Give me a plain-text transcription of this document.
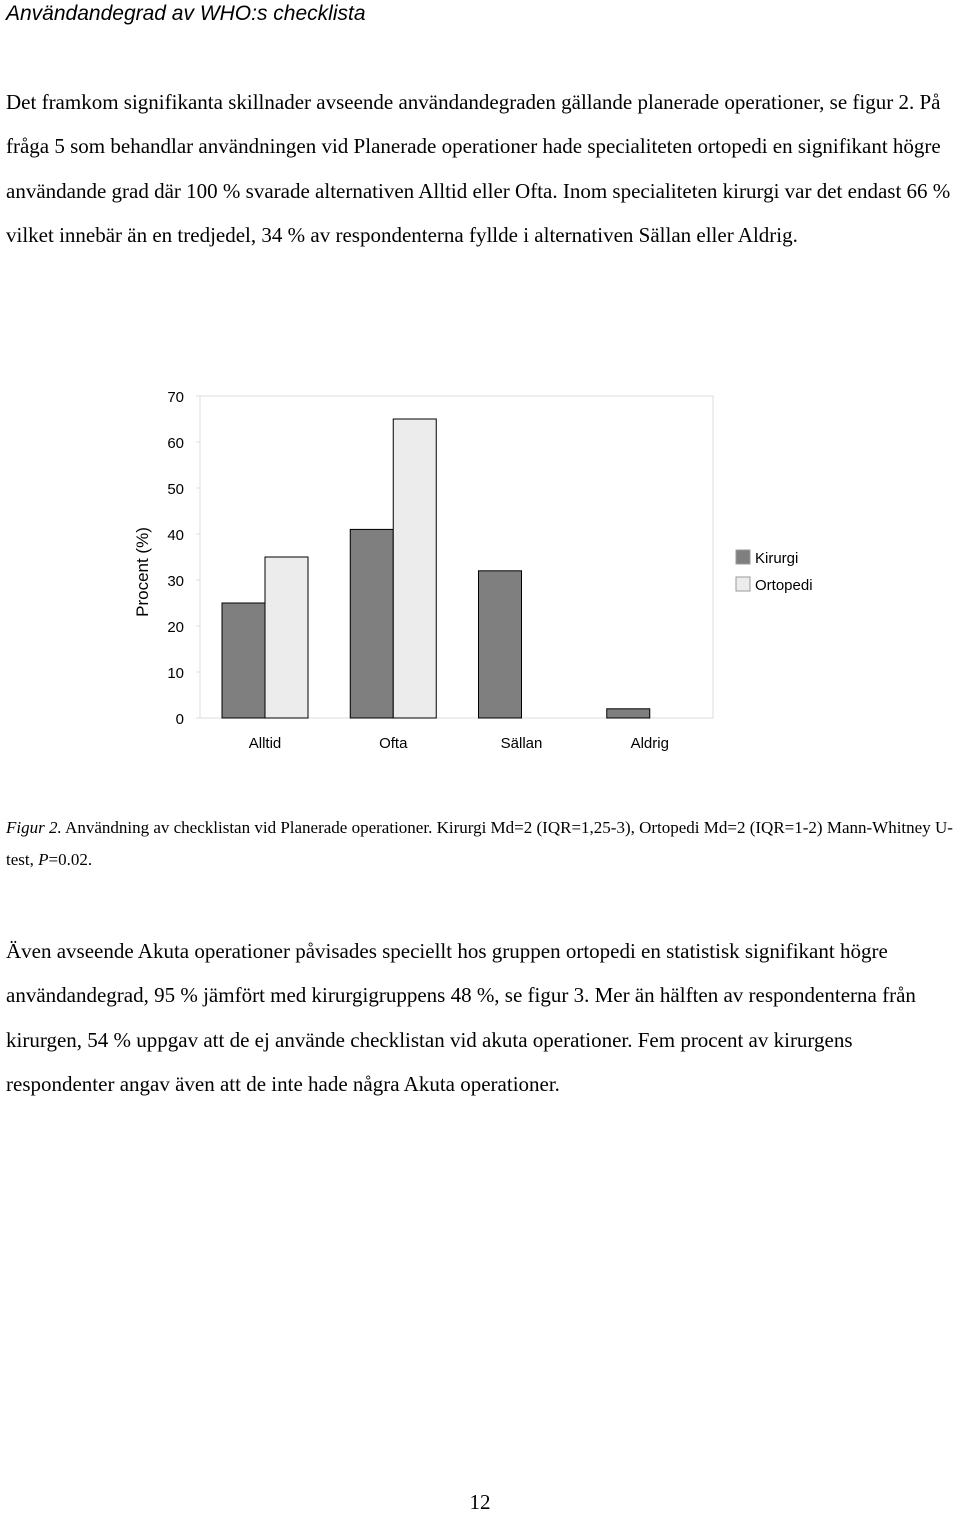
Användandegrad av WHO:s checklista

Det framkom signifikanta skillnader avseende användandegraden gällande planerade operationer, se figur 2. På fråga 5 som behandlar användningen vid Planerade operationer hade specialiteten ortopedi en signifikant högre användande grad där 100 % svarade alternativen Alltid eller Ofta. Inom specialiteten kirurgi var det endast 66 % vilket innebär än en tredjedel, 34 % av respondenterna fyllde i alternativen Sällan eller Aldrig.

Procent (%)
0
10
20
30
40
50
60
70
Alltid	Ofta	Sällan	Aldrig
Kirurgi
Ortopedi

Figur 2. Användning av checklistan vid Planerade operationer. Kirurgi Md=2 (IQR=1,25-3), Ortopedi Md=2 (IQR=1-2) Mann-Whitney U-test, P=0.02.

Även avseende Akuta operationer påvisades speciellt hos gruppen ortopedi en statistisk signifikant högre användandegrad, 95 % jämfört med kirurgigruppens 48 %, se figur 3. Mer än hälften av respondenterna från kirurgen, 54 % uppgav att de ej använde checklistan vid akuta operationer. Fem procent av kirurgens respondenter angav även att de inte hade några Akuta operationer.

12
